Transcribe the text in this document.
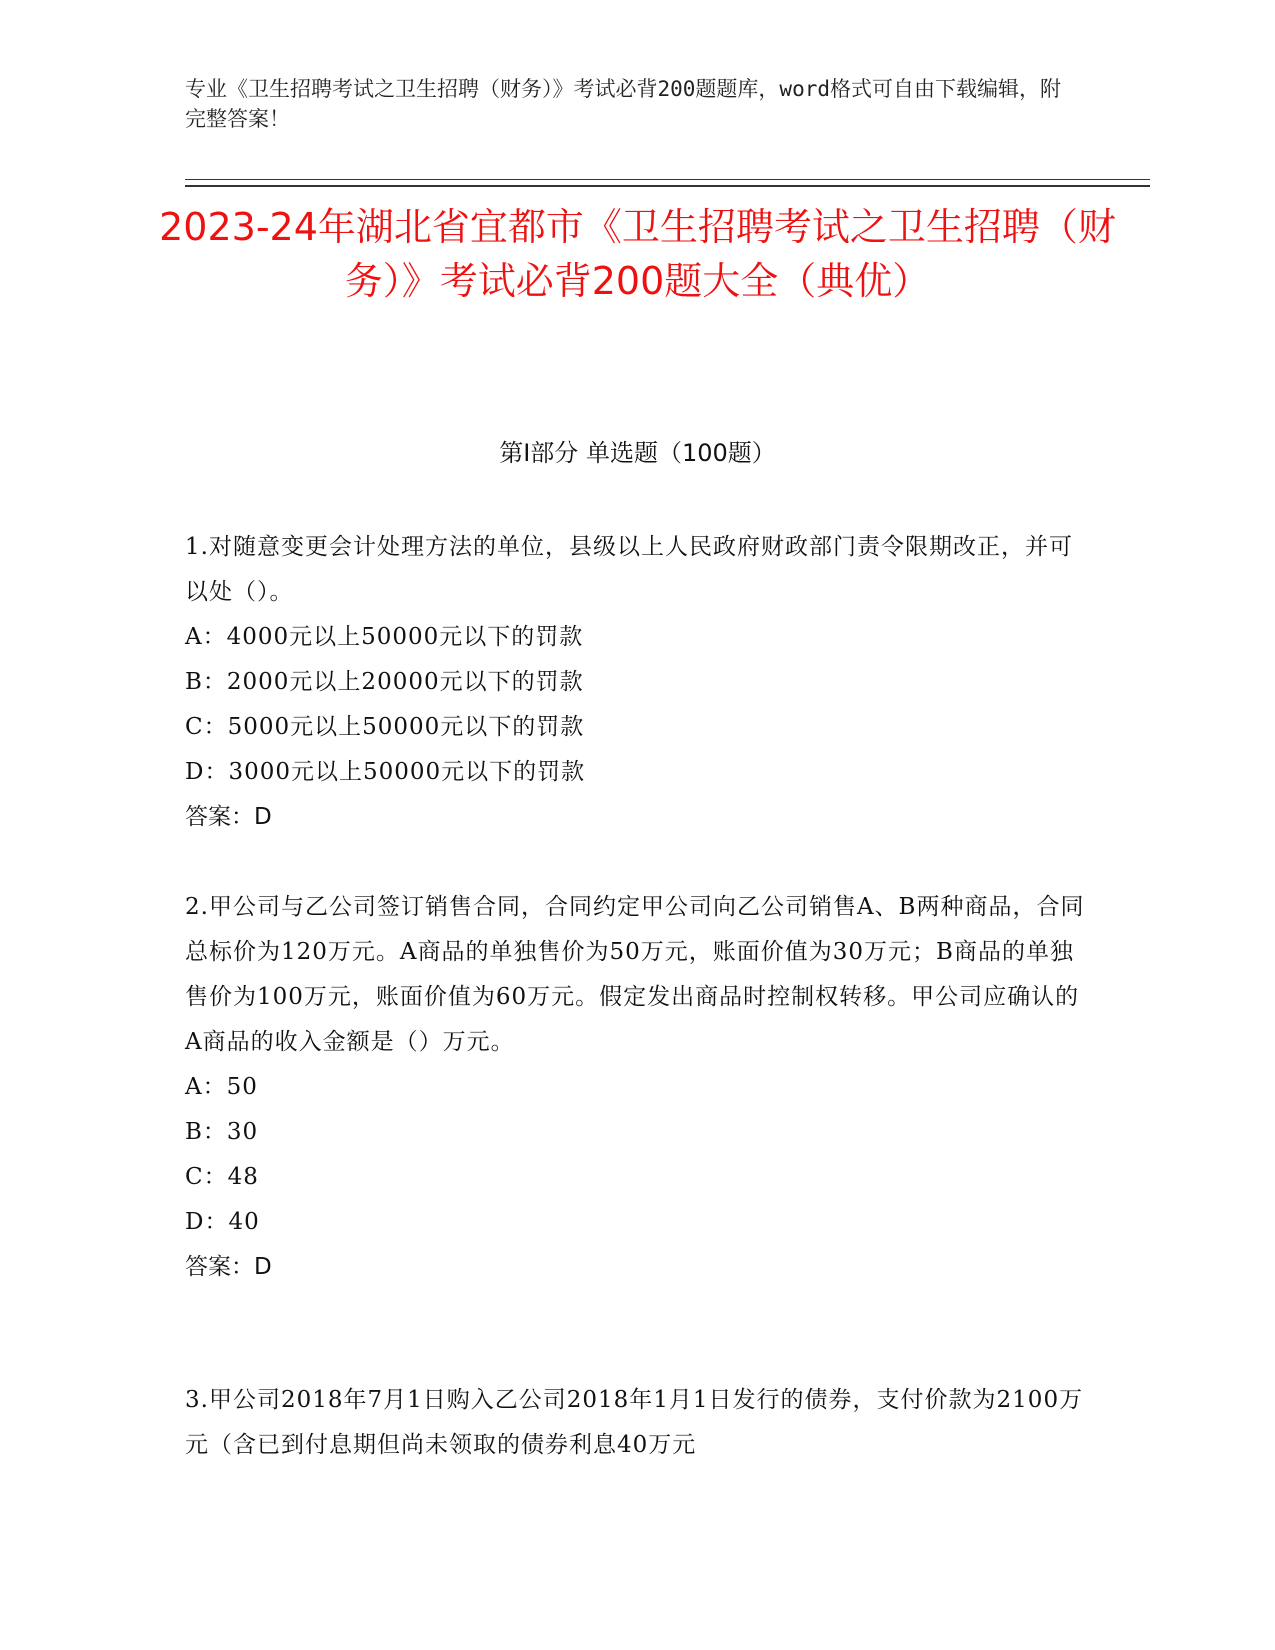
专业《卫生招聘考试之卫生招聘（财务）》考试必背200题题库，word格式可自由下载编辑，附完整答案！
2023-24年湖北省宜都市《卫生招聘考试之卫生招聘（财务）》考试必背200题大全（典优）
第I部分 单选题（100题）

1.对随意变更会计处理方法的单位，县级以上人民政府财政部门责令限期改正，并可以处（）。

A：4000元以上50000元以下的罚款

B：2000元以上20000元以下的罚款

C：5000元以上50000元以下的罚款

D：3000元以上50000元以下的罚款

答案：D

2.甲公司与乙公司签订销售合同，合同约定甲公司向乙公司销售A、B两种商品，合同总标价为120万元。A商品的单独售价为50万元，账面价值为30万元；B商品的单独售价为100万元，账面价值为60万元。假定发出商品时控制权转移。甲公司应确认的A商品的收入金额是（）万元。

A：50

B：30

C：48

D：40

答案：D

3.甲公司2018年7月1日购入乙公司2018年1月1日发行的债券，支付价款为2100万元（含已到付息期但尚未领取的债券利息40万元
